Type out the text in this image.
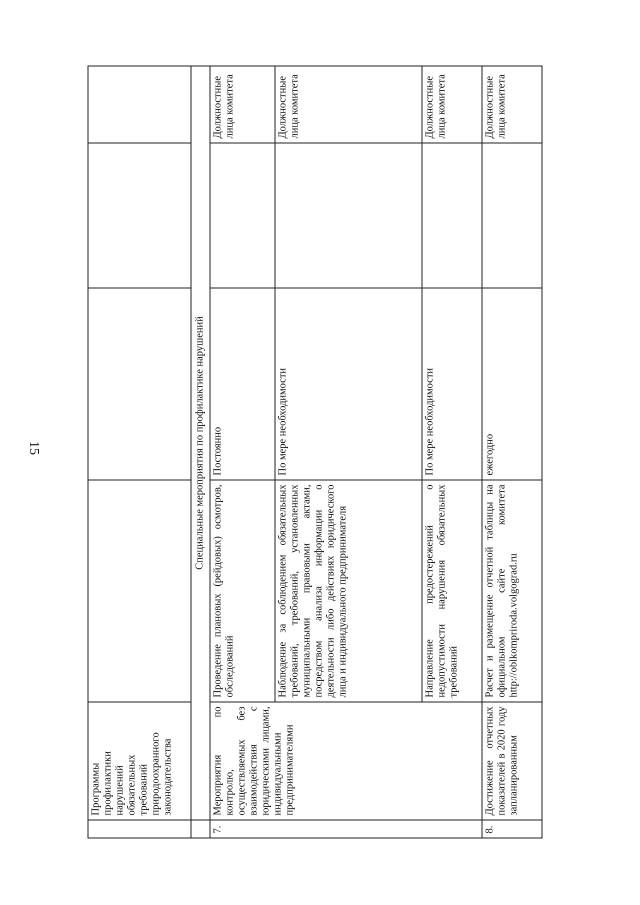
15
	Программы профилактики нарушений обязательных требований природоохранного законодательства				
	Специальные мероприятия по профилактике нарушений				
7.	Мероприятия по контролю, осуществляемых без взаимодействия с юридическими лицами, индивидуальными предпринимателями	Проведение плановых (рейдовых) осмотров, обследований	Постоянно		Должностные лица комитета
		Наблюдение за соблюдением обязательных требований, требований, установленных муниципальными правовыми актами, посредством анализа информации о деятельности либо действиях юридического лица и индивидуального предпринимателя	По мере необходимости		Должностные лица комитета
		Направление предостережений о недопустимости нарушения обязательных требований	По мере необходимости		Должностные лица комитета
8.	Достижение отчетных показателей в 2020 году запланированным	Расчет и размещение отчетной таблицы на официальном сайте комитета http://oblkompriroda.volgograd.ru	ежегодно		Должностные лица комитета
